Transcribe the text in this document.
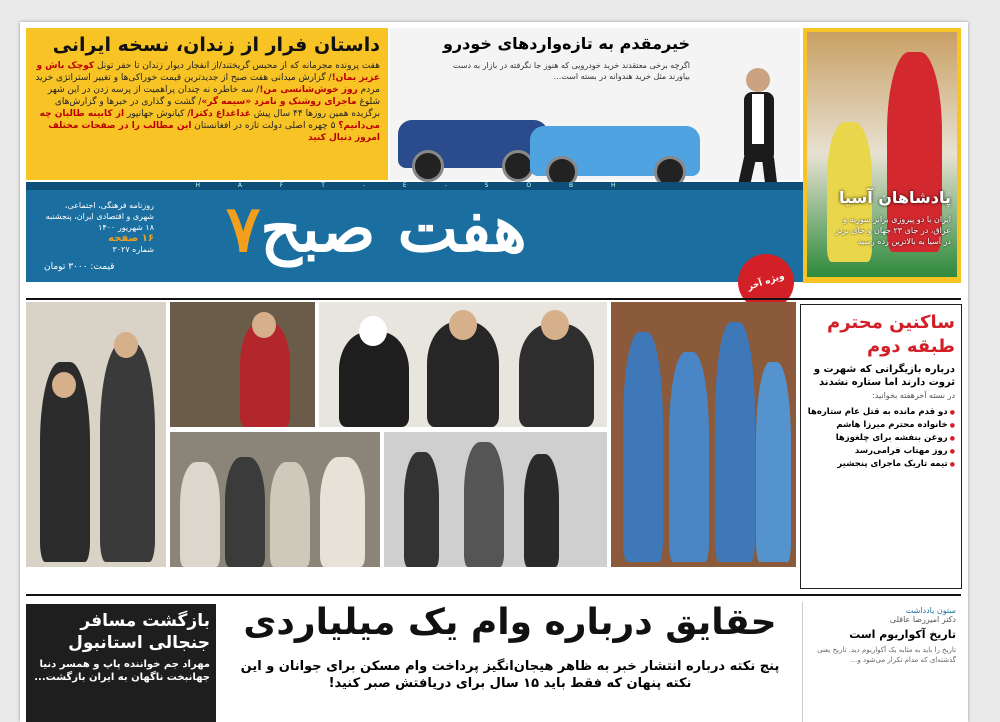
داستان فرار از زندان، نسخه ایرانی
هفت پرونده مجرمانه که از محبس گریختند/از انفجار دیوار زندان تا حفر تونل کوچک باش و عزیز بمان!/ گزارش میدانی هفت صبح از جدیدترین قیمت خوراکی‌ها و تغییر استراتژی خرید مردم روز خوش‌شانسی من!/ سه خاطره نه چندان پراهمیت از پرسه زدن در این شهر شلوغ ماجرای روشنک و نامزد «سیمه گر»/ گشت و گذاری در خبرها و گزارش‌های برگزیده همین روزها ۴۴ سال پیش غداغداغ دکترا/ کیانوش جهانپور از کابینه طالبان چه می‌دانیم؟ ۵ چهره اصلی دولت تازه در افغانستان این مطالب را در صفحات مختلف امروز دنبال کنید
خیرمقدم به تازه‌واردهای خودرو
اگرچه برخی معتقدند خرید خودرویی که هنوز جا نگرفته در بازار به دست بیاورند مثل خرید هندوانه در بسته است...
پادشاهان آسیا
ایران با دو پیروزی برابر سوریه و عراق، در جای ۲۳ جهان و جای برتر در آسیا به بالاترین رده رسید
H A F T - E - S O B H
روزنامه فرهنگی، اجتماعی، شهری و اقتصادی ایران، پنجشنبه ۱۸ شهریور ۱۴۰۰
۱۶ صفحه
شماره ۳۰۲۷
قیمت: ۳۰۰۰ تومان	هفت صبح۷
ویژه آخر
ساکنین محترم
طبقه دوم
درباره بازیگرانی که شهرت و ثروت دارند اما ستاره نشدند
در نسته آخرهفته بخوانید:
● دو قدم مانده به قتل عام ستاره‌ها
● خانواده محترم میرزا هاشم
● روغن بنفشه برای چلغوزها
● روز مهتاب فرامی‌رسد
● تیمه تاریک ماجرای پنجشیر
بازگشت مسافر جنجالی استانبول
مهراد جم خواننده پاپ و همسر دنیا جهانبخت ناگهان به ایران بازگشت...
حقایق درباره وام یک میلیاردی
پنج نکته درباره انتشار خبر به ظاهر هیجان‌انگیز پرداخت وام مسکن برای جوانان و این نکته پنهان که فقط باید ۱۵ سال برای دریافتش صبر کنید!
ستون یادداشت
دکتر امیررضا عاقلی
تاریخ آکواریوم است
تاریخ را باید به مثابه یک آکواریوم دید. تاریخ یعنی گذشته‌ای که مدام تکرار می‌شود و...
